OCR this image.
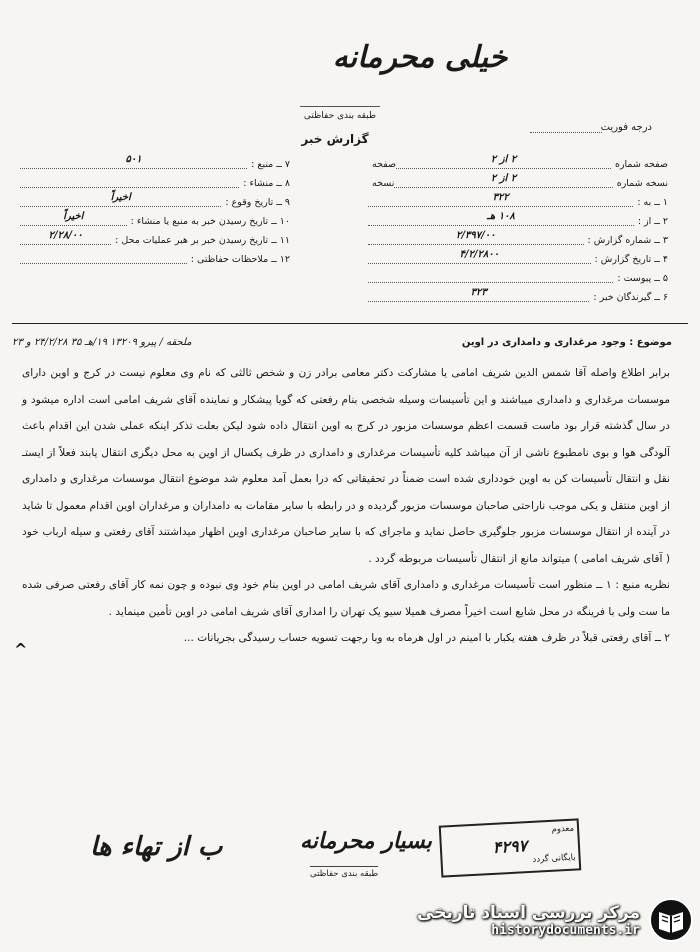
خیلی محرمانه
طبقه بندی حفاظتی
گزارش خبر
درجه فوریت
۷ ــ منبع :
۵۰۱
۸ ــ منشاء :
۹ ــ تاریخ وقوع :
اخیراً
۱۰ ــ تاریخ رسیدن خبر به منبع یا منشاء :
اخیراً
۱۱ ــ تاریخ رسیدن خبر بر هبر عملیات محل :
۲/۲۸/۰۰
۱۲ ــ ملاحظات حفاظتی :
صفحه شماره
۲ از ۲
صفحه
نسخه شماره
۲ از ۲
نسخه
۱ ــ به :
۳۲۲
۲ ــ از :
۱۰۸ هـ
۳ ــ شماره گزارش :
۲/۳۹۷/۰۰
۴ ــ تاریخ گزارش :
۴/۲/۲۸۰۰
۵ ــ پیوست :
۶ ــ گیرندگان خبر :
۳۲۳
موضوع : وجود مرغداری و دامداری در اوین
ملحقه / پیرو ۱۳۲۰۹ ۱۹/هـ ۳۵ ۲۴/۲/۲۸ و ۲۳

برابر اطلاع واصله آقا شمس الدین شریف امامی یا مشارکت دکتر معامی برادر زن و شخص ثالثی که نام وی معلوم نیست در کرج و اوین دارای موسسات مرغداری و دامداری میباشند و این تأسیسات وسیله شخصی بنام رفعتی که گویا پیشکار و نماینده آقای شریف امامی است اداره میشود و در سال گذشته قرار بود ماست قسمت اعظم موسسات مزبور در کرج به اوین انتقال داده شود لیکن بعلت تذکر اینکه عملی شدن این اقدام باعث آلودگی هوا و بوی نامطبوع ناشی از آن میباشد کلیه تأسیسات مرغداری و دامداری در ظرف یکسال از اوین به محل دیگری انتقال یابند فعلاً از ایستـ نقل و انتقال تأسیسات کن به اوین خودداری شده است ضمناً در تحقیقاتی که درا بعمل آمد معلوم شد موضوع انتقال موسسات مرغداری و دامداری از اوین منتقل و یکی موجب ناراحتی صاحبان موسسات مزبور گردیده و در رابطه با سایر مقامات به دامداران و مرغداران اوین اقدام معمول تا شاید در آینده از انتقال موسسات مزبور جلوگیری حاصل نماید و ماجرای که با سایر صاحبان مرغداری اوین اظهار میداشتند آقای رفعتی و سیله ارباب خود ( آقای شریف امامی ) میتواند مانع از انتقال تأسیسات مربوطه گردد .

نظریه منبع : ۱ ــ منظور است تأسیسات مرغداری و دامداری آقای شریف امامی در اوین بنام خود وی نبوده و چون نمه کار آقای رفعتی صرفی شده ما ست ولی با فرینگه در محل شایع است اخیراً مصرف همیلا سیو یک تهران را امداری آقای شریف امامی در اوین تأمین مینماید .

۲ ــ آقای رفعتی قبلاً در ظرف هفته یکبار با امینم در اول هرماه به وبا رجهت تسویه حساب رسیدگی بجریانات ...

^
ب از تهاء ها	بسیار محرمانه
طبقه بندی حفاظتی
معدوم
۴۲۹۷
بایگانی گردد
مرکز بررسی اسناد تاریخی
historydocuments.ir
